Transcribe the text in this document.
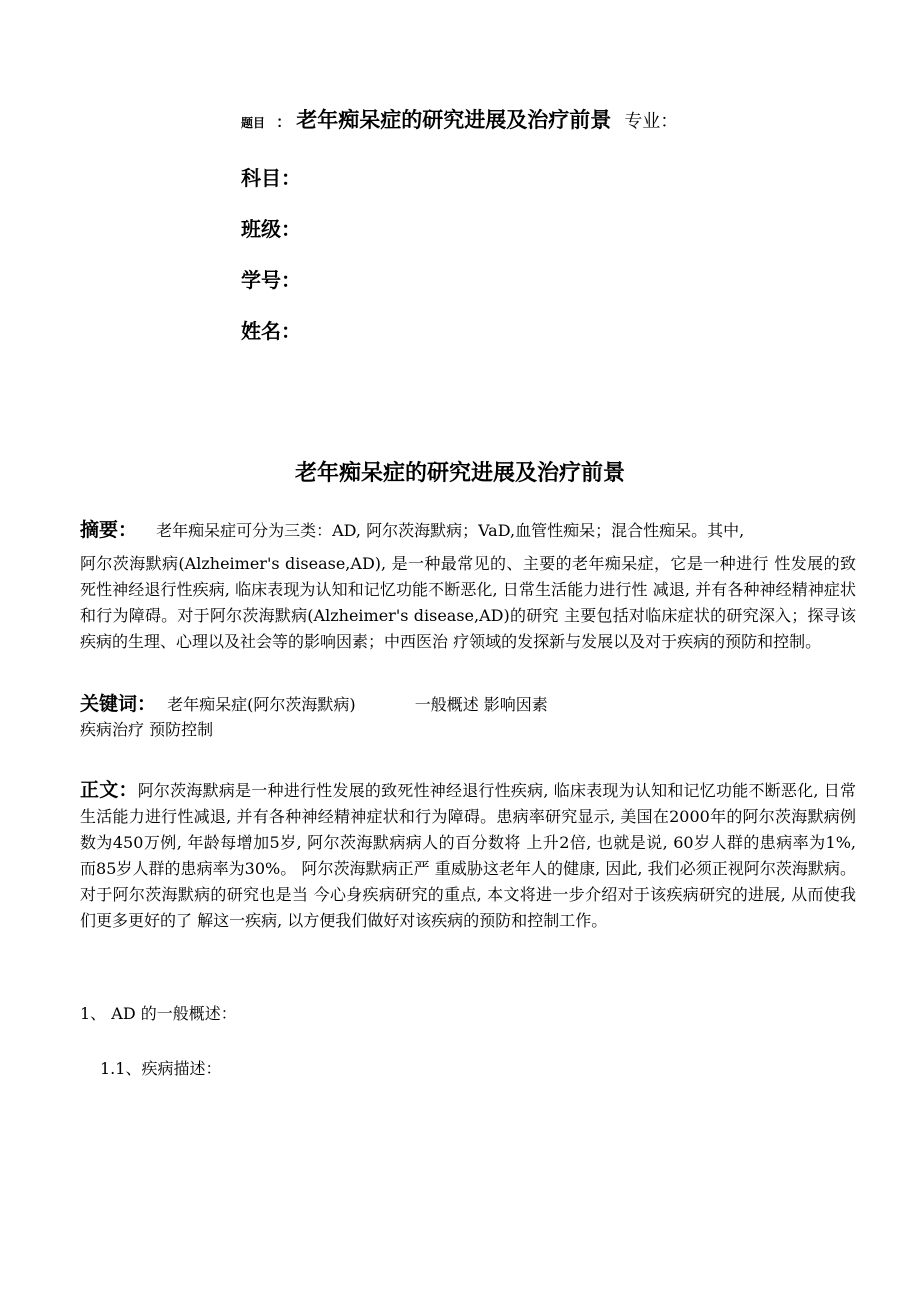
题目 ： 老年痴呆症的研究进展及治疗前景 专业：
科目：
班级：
学号：
姓名：
老年痴呆症的研究进展及治疗前景
摘要： 老年痴呆症可分为三类：AD, 阿尔茨海默病；VaD,血管性痴呆；混合性痴呆。其中,

阿尔茨海默病(Alzheimer's disease,AD), 是一种最常见的、主要的老年痴呆症，它是一种进行 性发展的致死性神经退行性疾病, 临床表现为认知和记忆功能不断恶化, 日常生活能力进行性 减退, 并有各种神经精神症状和行为障碍。对于阿尔茨海默病(Alzheimer's disease,AD)的研究 主要包括对临床症状的研究深入；探寻该疾病的生理、心理以及社会等的影响因素；中西医治 疗领域的发探新与发展以及对于疾病的预防和控制。

关键词： 老年痴呆症(阿尔茨海默病)	一般概述 影响因素
疾病治疗 预防控制

正文：阿尔茨海默病是一种进行性发展的致死性神经退行性疾病, 临床表现为认知和记忆功能不断恶化, 日常生活能力进行性减退, 并有各种神经精神症状和行为障碍。患病率研究显示, 美国在2000年的阿尔茨海默病例数为450万例, 年龄每增加5岁, 阿尔茨海默病病人的百分数将 上升2倍, 也就是说, 60岁人群的患病率为1%, 而85岁人群的患病率为30%。 阿尔茨海默病正严 重威胁这老年人的健康, 因此, 我们必须正视阿尔茨海默病。对于阿尔茨海默病的研究也是当 今心身疾病研究的重点, 本文将进一步介绍对于该疾病研究的进展, 从而使我们更多更好的了 解这一疾病, 以方便我们做好对该疾病的预防和控制工作。

1、 AD 的一般概述：
1.1、疾病描述：
